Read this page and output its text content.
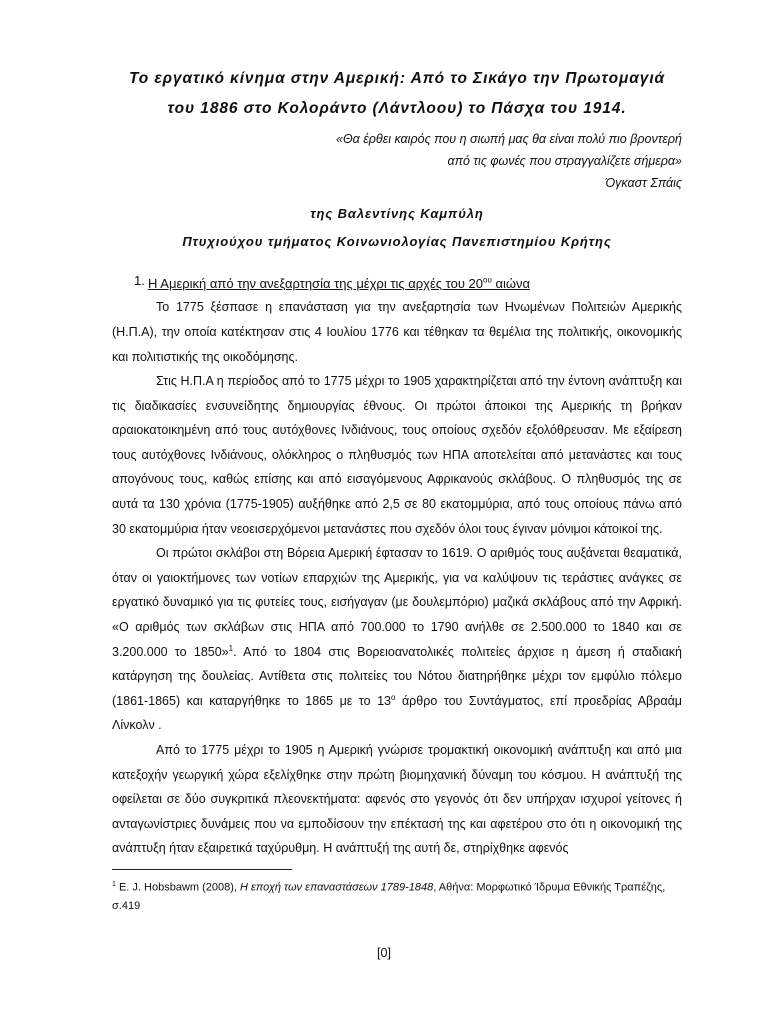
Το εργατικό κίνημα στην Αμερική: Από το Σικάγο την Πρωτομαγιά
του 1886 στο Κολοράντο (Λάντλοου) το Πάσχα του 1914.
«Θα έρθει καιρός που η σιωπή μας θα είναι πολύ πιο βροντερή
από τις φωνές που στραγγαλίζετε σήμερα»
Όγκαστ Σπάις
της Βαλεντίνης Καμπύλη
Πτυχιούχου τμήματος Κοινωνιολογίας Πανεπιστημίου Κρήτης
1. Η Αμερική από την ανεξαρτησία της μέχρι τις αρχές του $20^{o\upsilon}$ αιώνα

Το 1775 ξέσπασε η επανάσταση για την ανεξαρτησία των Ηνωμένων Πολιτειών Αμερικής (Η.Π.Α), την οποία κατέκτησαν στις 4 Ιουλίου 1776 και τέθηκαν τα θεμέλια της πολιτικής, οικονομικής και πολιτιστικής της οικοδόμησης.

Στις Η.Π.Α η περίοδος από το 1775 μέχρι το 1905 χαρακτηρίζεται από την έντονη ανάπτυξη και τις διαδικασίες ενσυνείδητης δημιουργίας έθνους. Οι πρώτοι άποικοι της Αμερικής τη βρήκαν αραιοκατοικημένη από τους αυτόχθονες Ινδιάνους, τους οποίους σχεδόν εξολόθρευσαν. Με εξαίρεση τους αυτόχθονες Ινδιάνους, ολόκληρος ο πληθυσμός των ΗΠΑ αποτελείται από μετανάστες και τους απογόνους τους, καθώς επίσης και από εισαγόμενους Αφρικανούς σκλάβους. Ο πληθυσμός της σε αυτά τα 130 χρόνια (1775-1905) αυξήθηκε από 2,5 σε 80 εκατομμύρια, από τους οποίους πάνω από 30 εκατομμύρια ήταν νεοεισερχόμενοι μετανάστες που σχεδόν όλοι τους έγιναν μόνιμοι κάτοικοί της.

Οι πρώτοι σκλάβοι στη Βόρεια Αμερική έφτασαν το 1619. Ο αριθμός τους αυξάνεται θεαματικά, όταν οι γαιοκτήμονες των νοτίων επαρχιών της Αμερικής, για να καλύψουν τις τεράστιες ανάγκες σε εργατικό δυναμικό για τις φυτείες τους, εισήγαγαν (με δουλεμπόριο) μαζικά σκλάβους από την Αφρική. «Ο αριθμός των σκλάβων στις ΗΠΑ από 700.000 το 1790 ανήλθε σε 2.500.000 το 1840 και σε 3.200.000 το 1850»$^1$. Από το 1804 στις Βορειοανατολικές πολιτείες άρχισε η άμεση ή σταδιακή κατάργηση της δουλείας. Αντίθετα στις πολιτείες του Νότου διατηρήθηκε μέχρι τον εμφύλιο πόλεμο (1861-1865) και καταργήθηκε το 1865 με το $13^o$ άρθρο του Συντάγματος, επί προεδρίας Αβραάμ Λίνκολν .

Από το 1775 μέχρι το 1905 η Αμερική γνώρισε τρομακτική οικονομική ανάπτυξη και από μια κατεξοχήν γεωργική χώρα εξελίχθηκε στην πρώτη βιομηχανική δύναμη του κόσμου. Η ανάπτυξή της οφείλεται σε δύο συγκριτικά πλεονεκτήματα: αφενός στο γεγονός ότι δεν υπήρχαν ισχυροί γείτονες ή ανταγωνίστριες δυνάμεις που να εμποδίσουν την επέκτασή της και αφετέρου στο ότι η οικονομική της ανάπτυξη ήταν εξαιρετικά ταχύρυθμη. Η ανάπτυξή της αυτή δε, στηρίχθηκε αφενός

$^1$ E. J. Hobsbawm (2008), Η εποχή των επαναστάσεων 1789-1848, Αθήνα: Μορφωτικό Ίδρυμα Εθνικής Τραπέζης, σ.419
[0]
